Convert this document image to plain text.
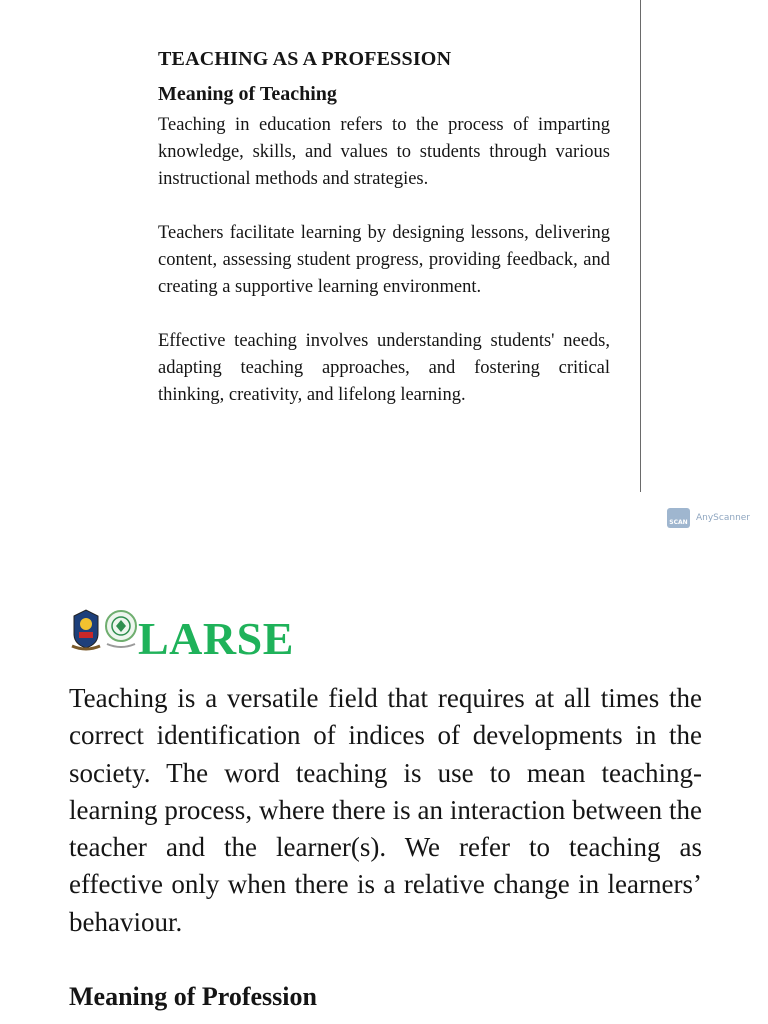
TEACHING AS A PROFESSION
Meaning of Teaching

Teaching in education refers to the process of imparting knowledge, skills, and values to students through various instructional methods and strategies.

Teachers facilitate learning by designing lessons, delivering content, assessing student progress, providing feedback, and creating a supportive learning environment.

Effective teaching involves understanding students' needs, adapting teaching approaches, and fostering critical thinking, creativity, and lifelong learning.

SCAN AnyScanner
LARSE

Teaching is a versatile field that requires at all times the correct identification of indices of developments in the society. The word teaching is use to mean teaching-learning process, where there is an interaction between the teacher and the learner(s). We refer to teaching as effective only when there is a relative change in learners’ behaviour.

Meaning of Profession
